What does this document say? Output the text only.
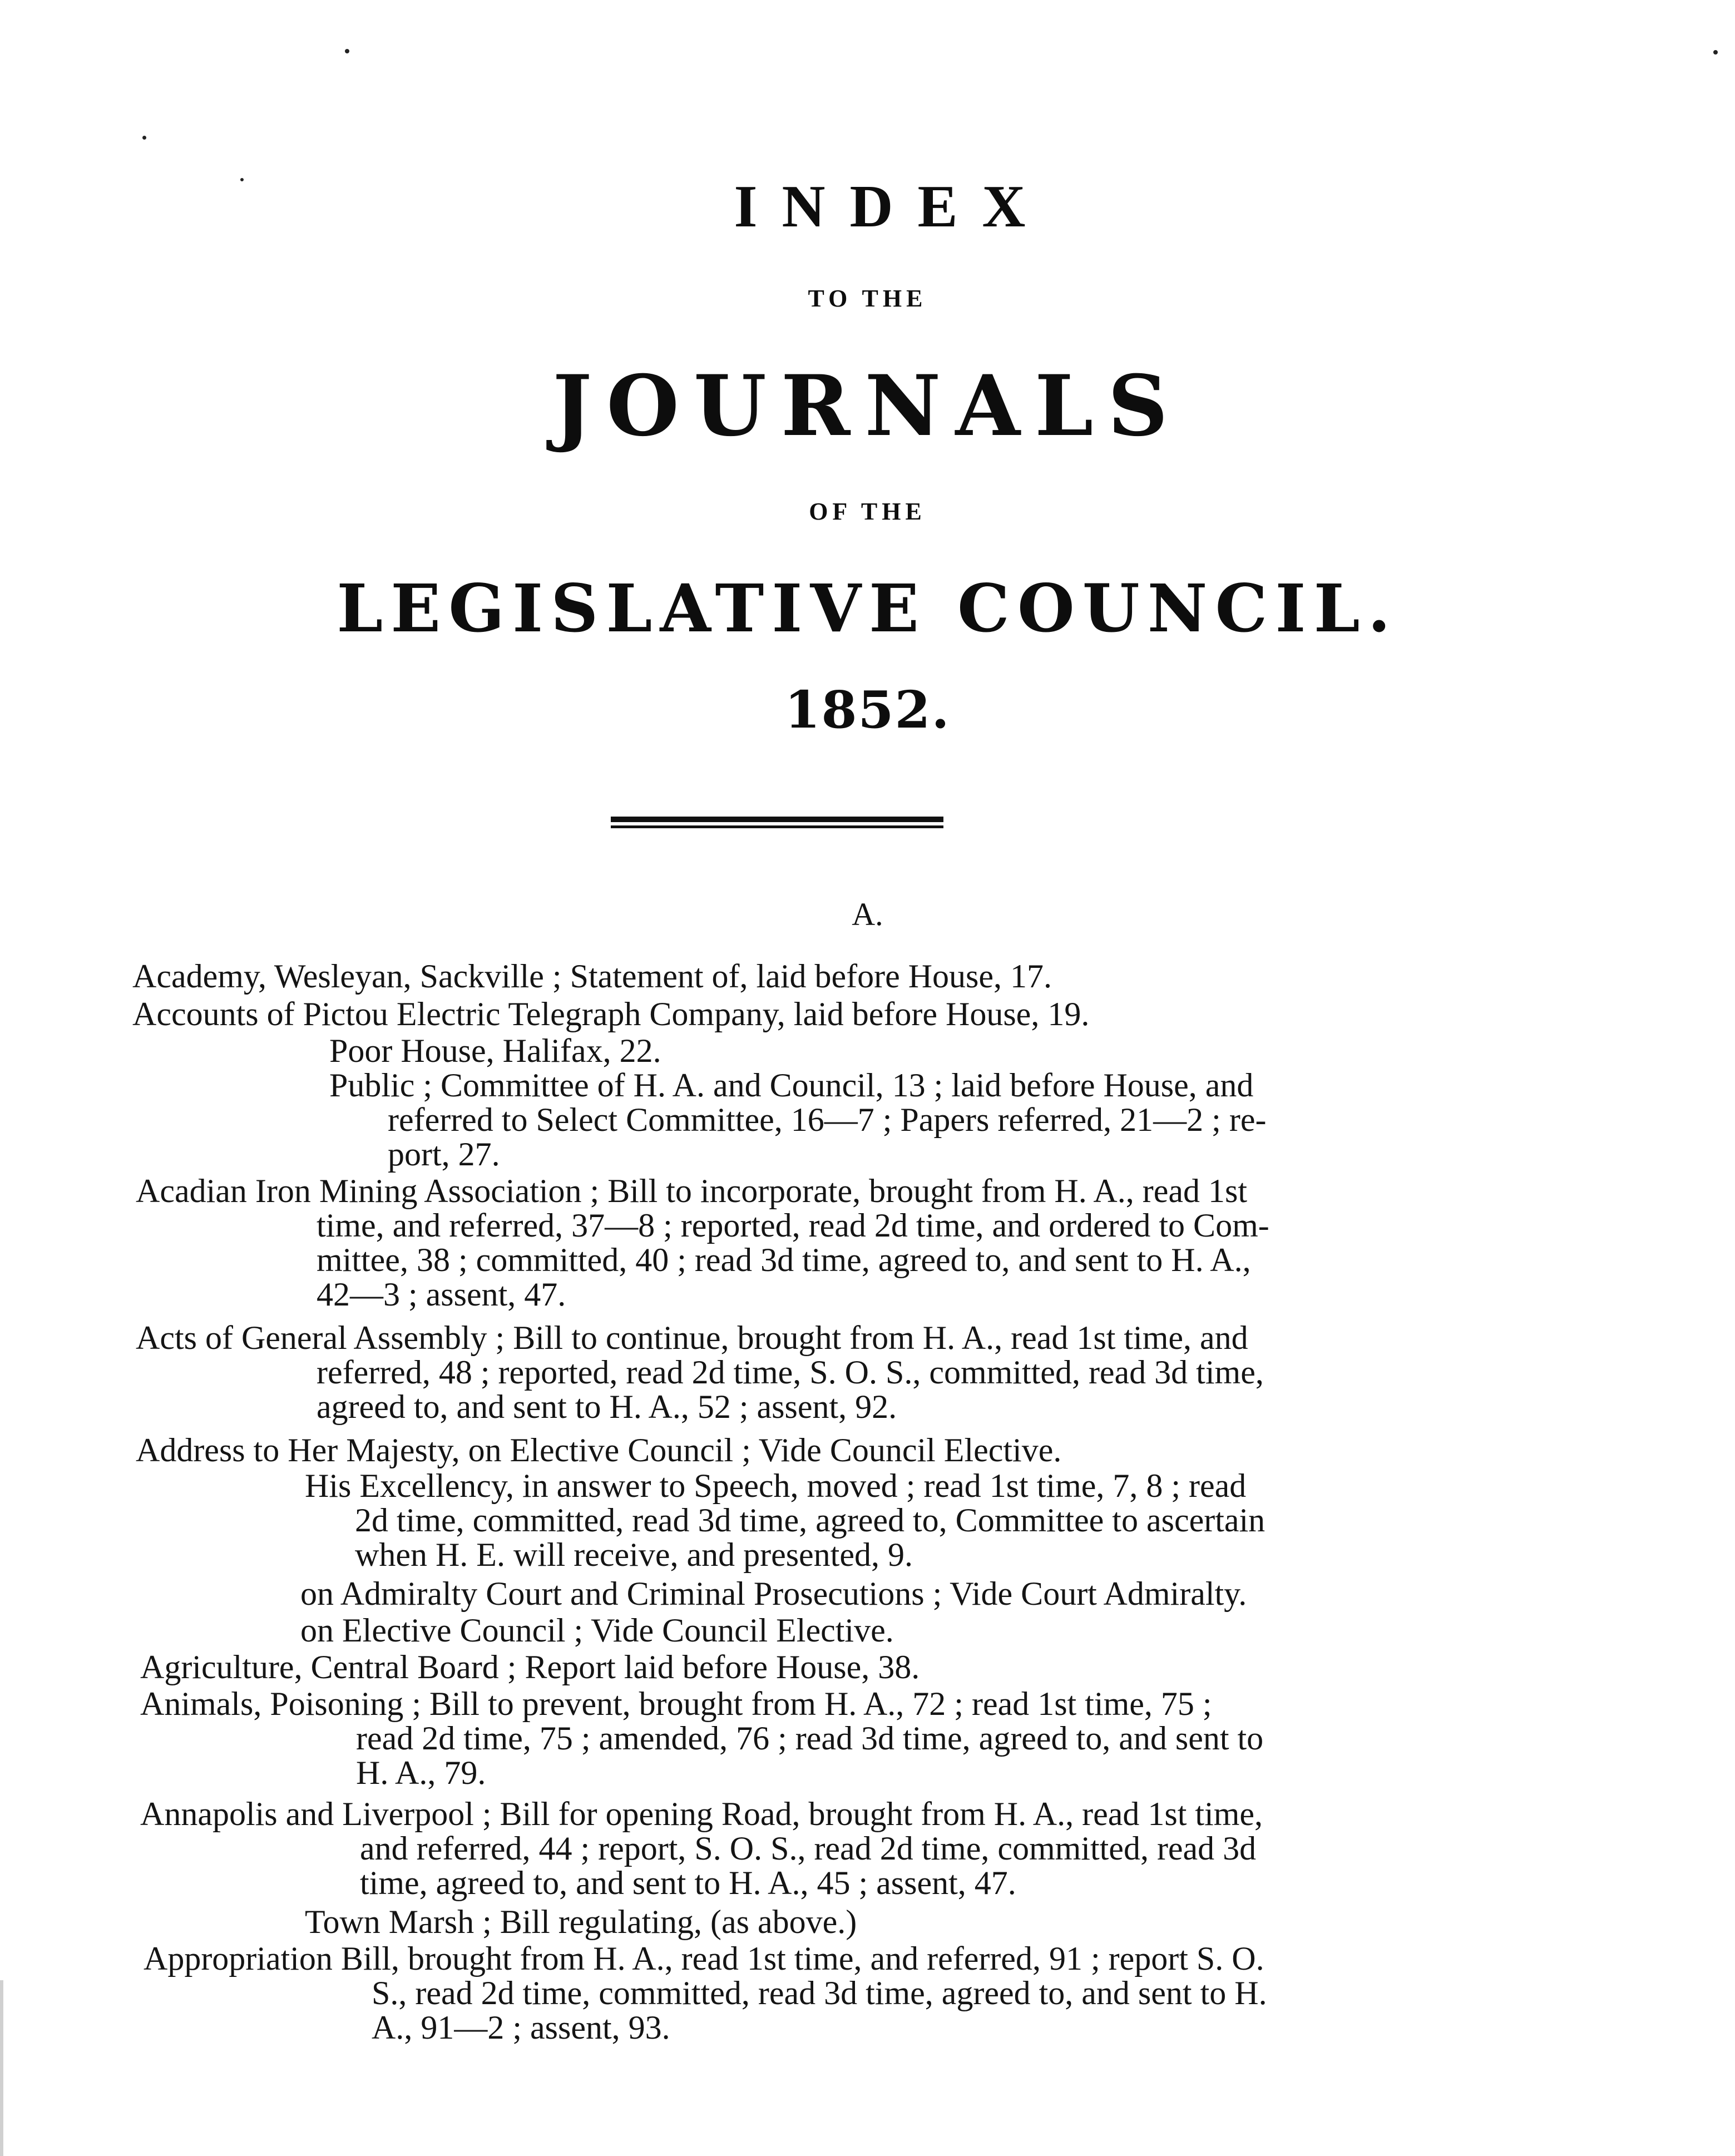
INDEX
TO THE
JOURNALS
OF THE
LEGISLATIVE COUNCIL.
1852.
A.
Academy, Wesleyan, Sackville ; Statement of, laid before House, 17.
Accounts of Pictou Electric Telegraph Company, laid before House, 19.
Poor House, Halifax, 22.
Public ; Committee of H. A. and Council, 13 ; laid before House, and
referred to Select Committee, 16—7 ; Papers referred, 21—2 ; re-
port, 27.
Acadian Iron Mining Association ; Bill to incorporate, brought from H. A., read 1st
time, and referred, 37—8 ; reported, read 2d time, and ordered to Com-
mittee, 38 ; committed, 40 ; read 3d time, agreed to, and sent to H. A.,
42—3 ; assent, 47.
Acts of General Assembly ; Bill to continue, brought from H. A., read 1st time, and
referred, 48 ; reported, read 2d time, S. O. S., committed, read 3d time,
agreed to, and sent to H. A., 52 ; assent, 92.
Address to Her Majesty, on Elective Council ; Vide Council Elective.
His Excellency, in answer to Speech, moved ; read 1st time, 7, 8 ; read
2d time, committed, read 3d time, agreed to, Committee to ascertain
when H. E. will receive, and presented, 9.
on Admiralty Court and Criminal Prosecutions ; Vide Court Admiralty.
on Elective Council ; Vide Council Elective.
Agriculture, Central Board ; Report laid before House, 38.
Animals, Poisoning ; Bill to prevent, brought from H. A., 72 ; read 1st time, 75 ;
read 2d time, 75 ; amended, 76 ; read 3d time, agreed to, and sent to
H. A., 79.
Annapolis and Liverpool ; Bill for opening Road, brought from H. A., read 1st time,
and referred, 44 ; report, S. O. S., read 2d time, committed, read 3d
time, agreed to, and sent to H. A., 45 ; assent, 47.
Town Marsh ; Bill regulating, (as above.)
Appropriation Bill, brought from H. A., read 1st time, and referred, 91 ; report S. O.
S., read 2d time, committed, read 3d time, agreed to, and sent to H.
A., 91—2 ; assent, 93.
